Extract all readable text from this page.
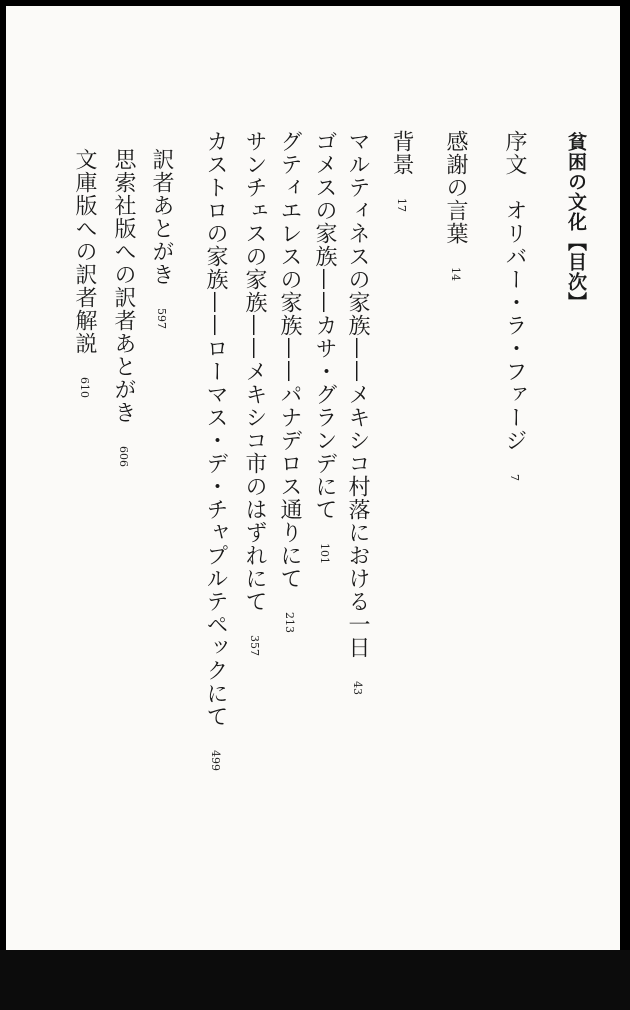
貧困の文化【目次】
序文　オリバー・ラ・ファージ7
感謝の言葉14
背景17
マルティネスの家族——メキシコ村落における一日43
ゴメスの家族——カサ・グランデにて101
グティエレスの家族——パナデロス通りにて213
サンチェスの家族——メキシコ市のはずれにて357
カストロの家族——ローマス・デ・チャプルテペックにて499
訳者あとがき597
思索社版への訳者あとがき606
文庫版への訳者解説610
